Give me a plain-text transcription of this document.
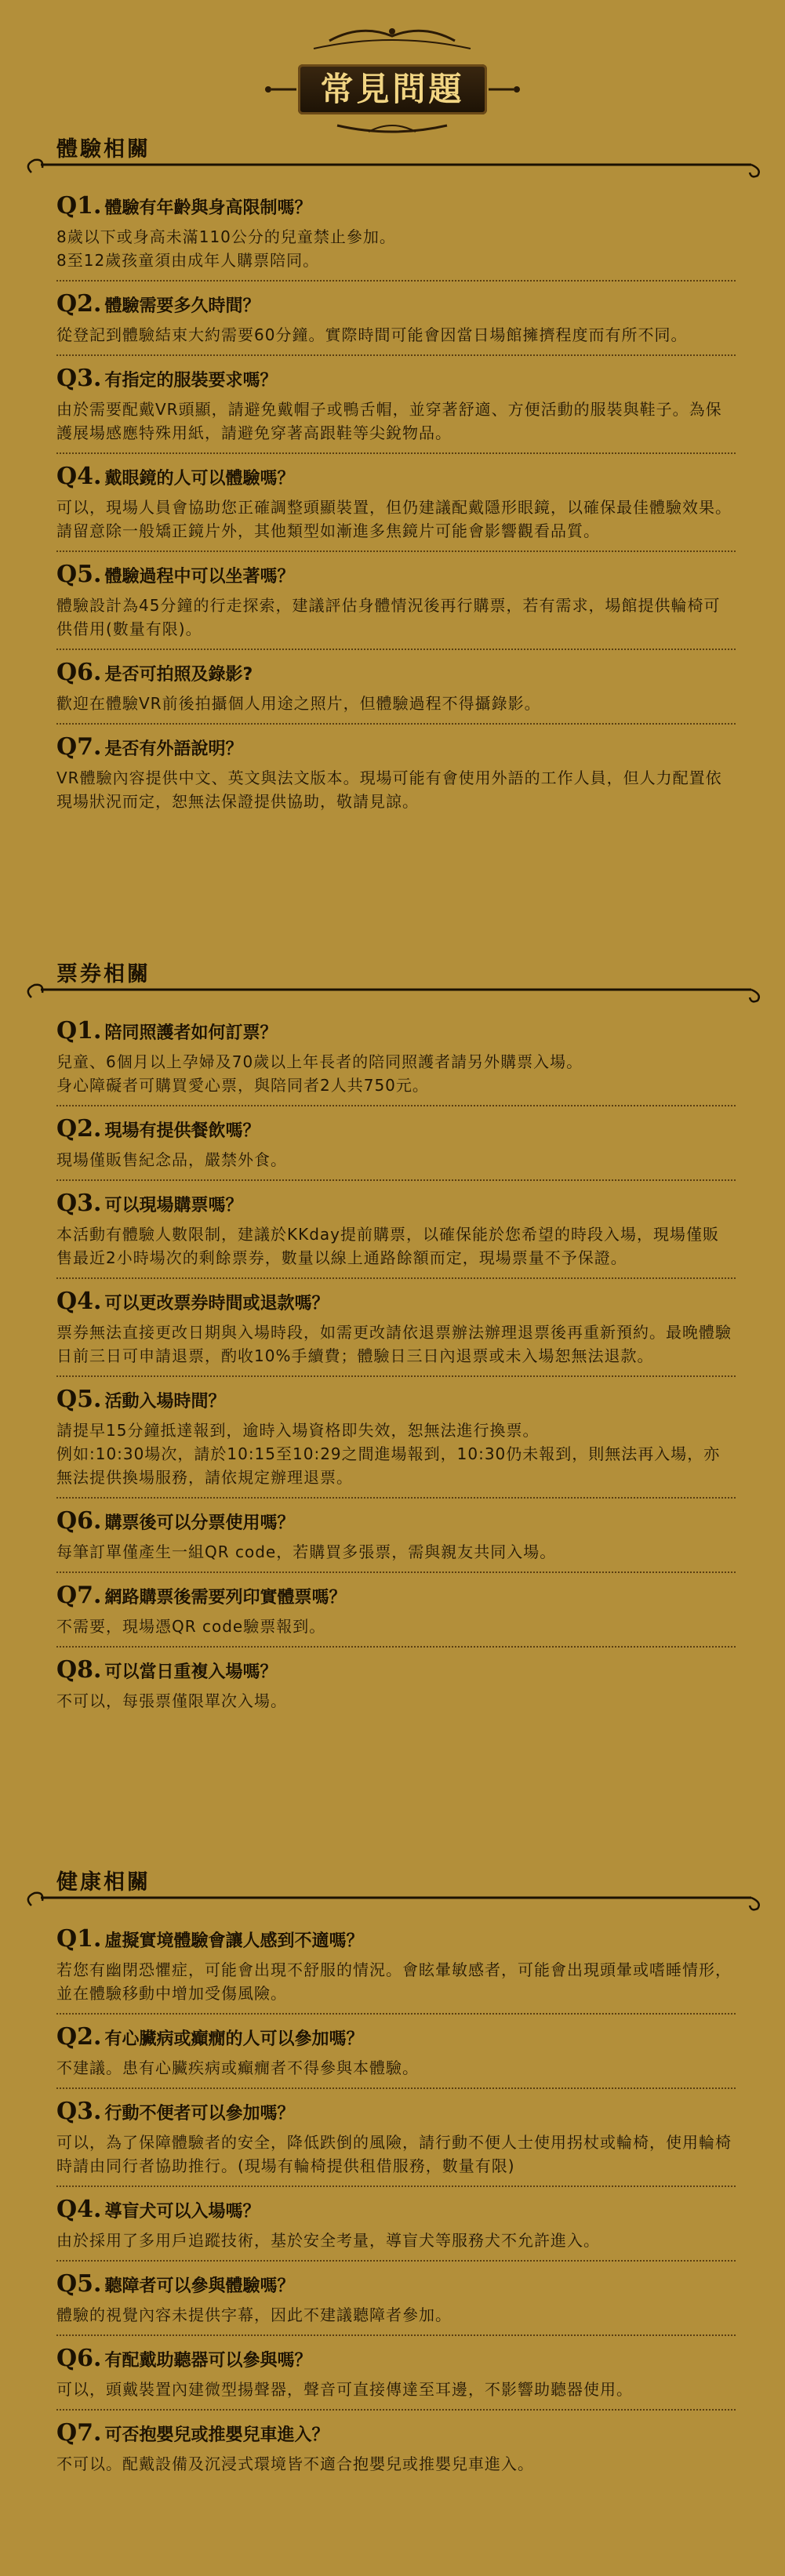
常見問題
體驗相關
Q1. 體驗有年齡與身高限制嗎？

8歲以下或身高未滿110公分的兒童禁止參加。

8至12歲孩童須由成年人購票陪同。

Q2. 體驗需要多久時間？

從登記到體驗結束大約需要60分鐘。實際時間可能會因當日場館擁擠程度而有所不同。

Q3. 有指定的服裝要求嗎？

由於需要配戴VR頭顯，請避免戴帽子或鴨舌帽，並穿著舒適、方便活動的服裝與鞋子。為保護展場感應特殊用紙，請避免穿著高跟鞋等尖銳物品。

Q4. 戴眼鏡的人可以體驗嗎？

可以，現場人員會協助您正確調整頭顯裝置，但仍建議配戴隱形眼鏡，以確保最佳體驗效果。請留意除一般矯正鏡片外，其他類型如漸進多焦鏡片可能會影響觀看品質。

Q5. 體驗過程中可以坐著嗎？

體驗設計為45分鐘的行走探索，建議評估身體情況後再行購票，若有需求，場館提供輪椅可供借用(數量有限)。

Q6. 是否可拍照及錄影?

歡迎在體驗VR前後拍攝個人用途之照片，但體驗過程不得攝錄影。

Q7. 是否有外語說明？

VR體驗內容提供中文、英文與法文版本。現場可能有會使用外語的工作人員，但人力配置依現場狀況而定，恕無法保證提供協助，敬請見諒。

票券相關
Q1. 陪同照護者如何訂票？

兒童、6個月以上孕婦及70歲以上年長者的陪同照護者請另外購票入場。

身心障礙者可購買愛心票，與陪同者2人共750元。

Q2. 現場有提供餐飲嗎？

現場僅販售紀念品，嚴禁外食。

Q3. 可以現場購票嗎？

本活動有體驗人數限制，建議於KKday提前購票，以確保能於您希望的時段入場，現場僅販售最近2小時場次的剩餘票券，數量以線上通路餘額而定，現場票量不予保證。

Q4. 可以更改票券時間或退款嗎？

票券無法直接更改日期與入場時段，如需更改請依退票辦法辦理退票後再重新預約。最晚體驗日前三日可申請退票，酌收10%手續費；體驗日三日內退票或未入場恕無法退款。

Q5. 活動入場時間？

請提早15分鐘抵達報到，逾時入場資格即失效，恕無法進行換票。

例如:10:30場次，請於10:15至10:29之間進場報到，10:30仍未報到，則無法再入場，亦無法提供換場服務，請依規定辦理退票。

Q6. 購票後可以分票使用嗎？

每筆訂單僅產生一組QR code，若購買多張票，需與親友共同入場。

Q7. 網路購票後需要列印實體票嗎？

不需要，現場憑QR code驗票報到。

Q8. 可以當日重複入場嗎？

不可以，每張票僅限單次入場。

健康相關
Q1. 虛擬實境體驗會讓人感到不適嗎？

若您有幽閉恐懼症，可能會出現不舒服的情況。會眩暈敏感者，可能會出現頭暈或嗜睡情形，並在體驗移動中增加受傷風險。

Q2. 有心臟病或癲癇的人可以參加嗎？

不建議。患有心臟疾病或癲癇者不得參與本體驗。

Q3. 行動不便者可以參加嗎？

可以，為了保障體驗者的安全，降低跌倒的風險，請行動不便人士使用拐杖或輪椅，使用輪椅時請由同行者協助推行。(現場有輪椅提供租借服務，數量有限)

Q4. 導盲犬可以入場嗎？

由於採用了多用戶追蹤技術，基於安全考量，導盲犬等服務犬不允許進入。

Q5. 聽障者可以參與體驗嗎？

體驗的視覺內容未提供字幕，因此不建議聽障者參加。

Q6. 有配戴助聽器可以參與嗎？

可以，頭戴裝置內建微型揚聲器，聲音可直接傳達至耳邊，不影響助聽器使用。

Q7. 可否抱嬰兒或推嬰兒車進入？

不可以。配戴設備及沉浸式環境皆不適合抱嬰兒或推嬰兒車進入。
